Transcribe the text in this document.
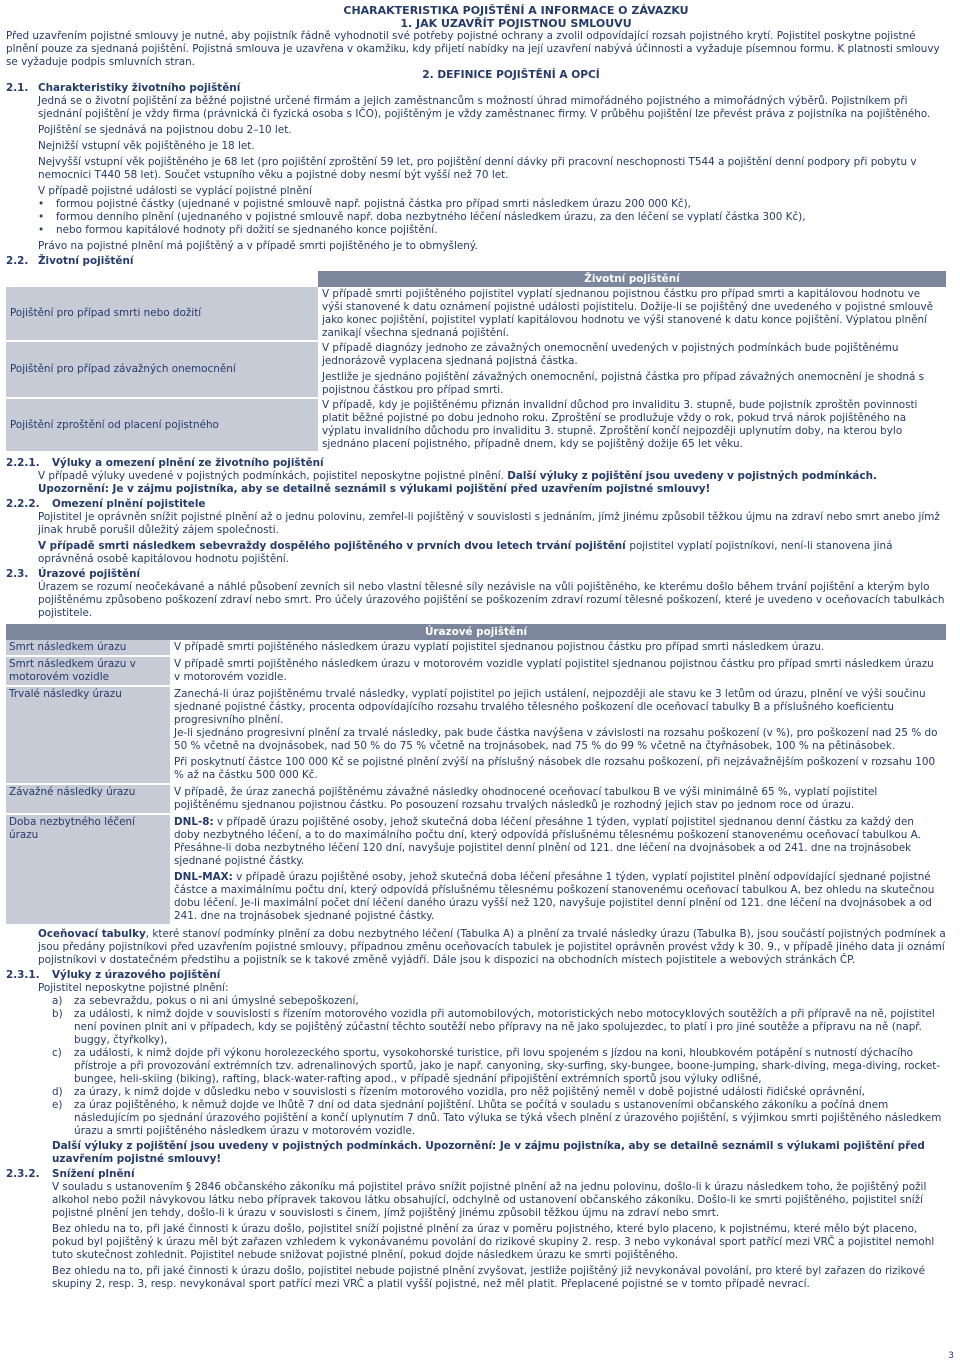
CHARAKTERISTIKA POJIŠTĚNÍ A INFORMACE O ZÁVAZKU
1. JAK UZAVŘÍT POJISTNOU SMLOUVU

Před uzavřením pojistné smlouvy je nutné, aby pojistník řádně vyhodnotil své potřeby pojistné ochrany a zvolil odpovídající rozsah pojistného krytí. Pojistitel poskytne pojistné plnění pouze za sjednaná pojištění. Pojistná smlouva je uzavřena v okamžiku, kdy přijetí nabídky na její uzavření nabývá účinnosti a vyžaduje písemnou formu. K platnosti smlouvy se vyžaduje podpis smluvních stran.

2. DEFINICE POJIŠTĚNÍ A OPCÍ
2.1. Charakteristiky životního pojištění

Jedná se o životní pojištění za běžné pojistné určené firmám a jejich zaměstnancům s možností úhrad mimořádného pojistného a mimořádných výběrů. Pojistníkem při sjednání pojištění je vždy firma (právnická či fyzická osoba s IČO), pojištěným je vždy zaměstnanec firmy. V průběhu pojištění lze převést práva z pojistníka na pojištěného.

Pojištění se sjednává na pojistnou dobu 2–10 let.

Nejnižší vstupní věk pojištěného je 18 let.

Nejvyšší vstupní věk pojištěného je 68 let (pro pojištění zproštění 59 let, pro pojištění denní dávky při pracovní neschopnosti T544 a pojištění denní podpory při pobytu v nemocnici T440 58 let). Součet vstupního věku a pojistné doby nesmí být vyšší než 70 let.

V případě pojistné události se vyplácí pojistné plnění

• formou pojistné částky (ujednané v pojistné smlouvě např. pojistná částka pro případ smrti následkem úrazu 200 000 Kč),
• formou denního plnění (ujednaného v pojistné smlouvě např. doba nezbytného léčení následkem úrazu, za den léčení se vyplatí částka 300 Kč),
• nebo formou kapitálové hodnoty při dožití se sjednaného konce pojištění.

Právo na pojistné plnění má pojištěný a v případě smrti pojištěného je to obmyšlený.

2.2. Životní pojištění
	Životní pojištění

Pojištění pro případ smrti nebo dožití	V případě smrti pojištěného pojistitel vyplatí sjednanou pojistnou částku pro případ smrti a kapitálovou hodnotu ve výši stanovené k datu oznámení pojistné události pojistitelu. Dožije-li se pojištěný dne uvedeného v pojistné smlouvě jako konec pojištění, pojistitel vyplatí kapitálovou hodnotu ve výši stanovené k datu konce pojištění. Výplatou plnění zanikají všechna sjednaná pojištění.

Pojištění pro případ závažných onemocnění	V případě diagnózy jednoho ze závažných onemocnění uvedených v pojistných podmínkách bude pojištěnému jednorázově vyplacena sjednaná pojistná částka.

Jestliže je sjednáno pojištění závažných onemocnění, pojistná částka pro případ závažných onemocnění je shodná s pojistnou částkou pro případ smrti.

Pojištění zproštění od placení pojistného	V případě, kdy je pojištěnému přiznán invalidní důchod pro invaliditu 3. stupně, bude pojistník zproštěn povinnosti platit běžné pojistné po dobu jednoho roku. Zproštění se prodlužuje vždy o rok, pokud trvá nárok pojištěného na výplatu invalidního důchodu pro invaliditu 3. stupně. Zproštění končí nejpozději uplynutím doby, na kterou bylo sjednáno placení pojistného, případně dnem, kdy se pojištěný dožije 65 let věku.

2.2.1.	Výluky a omezení plnění ze životního pojištění

V případě výluky uvedené v pojistných podmínkách, pojistitel neposkytne pojistné plnění. Další výluky z pojištění jsou uvedeny v pojistných podmínkách. Upozornění: Je v zájmu pojistníka, aby se detailně seznámil s výlukami pojištění před uzavřením pojistné smlouvy!

2.2.2.	Omezení plnění pojistitele

Pojistitel je oprávněn snížit pojistné plnění až o jednu polovinu, zemřel-li pojištěný v souvislosti s jednáním, jímž jinému způsobil těžkou újmu na zdraví nebo smrt anebo jímž jinak hrubě porušil důležitý zájem společnosti.

V případě smrti následkem sebevraždy dospělého pojištěného v prvních dvou letech trvání pojištění pojistitel vyplatí pojistníkovi, není-li stanovena jiná oprávněná osobě kapitálovou hodnotu pojištění.

2.3. Úrazové pojištění

Úrazem se rozumí neočekávané a náhlé působení zevních sil nebo vlastní tělesné síly nezávisle na vůli pojištěného, ke kterému došlo během trvání pojištění a kterým bylo pojištěnému způsobeno poškození zdraví nebo smrt. Pro účely úrazového pojištění se poškozením zdraví rozumí tělesné poškození, které je uvedeno v oceňovacích tabulkách pojistitele.

Úrazové pojištění	
Smrt následkem úrazu	V případě smrti pojištěného následkem úrazu vyplatí pojistitel sjednanou pojistnou částku pro případ smrti následkem úrazu.
Smrt následkem úrazu v motorovém vozidle	V případě smrti pojištěného následkem úrazu v motorovém vozidle vyplatí pojistitel sjednanou pojistnou částku pro případ smrti následkem úrazu v motorovém vozidle.
Trvalé následky úrazu	Zanechá-li úraz pojištěnému trvalé následky, vyplatí pojistitel po jejich ustálení, nejpozději ale stavu ke 3 letům od úrazu, plnění ve výši součinu sjednané pojistné částky, procenta odpovídajícího rozsahu trvalého tělesného poškození dle oceňovací tabulky B a příslušného koeficientu progresivního plnění.

Je-li sjednáno progresivní plnění za trvalé následky, pak bude částka navýšena v závislosti na rozsahu poškození (v %), pro poškození nad 25 % do 50 % včetně na dvojnásobek, nad 50 % do 75 % včetně na trojnásobek, nad 75 % do 99 % včetně na čtyřnásobek, 100 % na pětinásobek.

Při poskytnutí částce 100 000 Kč se pojistné plnění zvýší na příslušný násobek dle rozsahu poškození, při nejzávažnějším poškození v rozsahu 100 % až na částku 500 000 Kč.

Závažné následky úrazu	V případě, že úraz zanechá pojištěnému závažné následky ohodnocené oceňovací tabulkou B ve výši minimálně 65 %, vyplatí pojistitel pojištěnému sjednanou pojistnou částku. Po posouzení rozsahu trvalých následků je rozhodný jejich stav po jednom roce od úrazu.
Doba nezbytného léčení úrazu	DNL-8: v případě úrazu pojištěné osoby, jehož skutečná doba léčení přesáhne 1 týden, vyplatí pojistitel sjednanou denní částku za každý den doby nezbytného léčení, a to do maximálního počtu dní, který odpovídá příslušnému tělesnému poškození stanovenému oceňovací tabulkou A. Přesáhne-li doba nezbytného léčení 120 dní, navyšuje pojistitel denní plnění od 121. dne léčení na dvojnásobek a od 241. dne na trojnásobek sjednané pojistné částky.

DNL-MAX: v případě úrazu pojištěné osoby, jehož skutečná doba léčení přesáhne 1 týden, vyplatí pojistitel plnění odpovídající sjednané pojistné částce a maximálnímu počtu dní, který odpovídá příslušnému tělesnému poškození stanovenému oceňovací tabulkou A, bez ohledu na skutečnou dobu léčení. Je-li maximální počet dní léčení daného úrazu vyšší než 120, navyšuje pojistitel denní plnění od 121. dne léčení na dvojnásobek a od 241. dne na trojnásobek sjednané pojistné částky.

Oceňovací tabulky, které stanoví podmínky plnění za dobu nezbytného léčení (Tabulka A) a plnění za trvalé následky úrazu (Tabulka B), jsou součástí pojistných podmínek a jsou předány pojistníkovi před uzavřením pojistné smlouvy, případnou změnu oceňovacích tabulek je pojistitel oprávněn provést vždy k 30. 9., v případě jiného data ji oznámí pojistníkovi v dostatečném předstihu a pojistník se k takové změně vyjádří. Dále jsou k dispozici na obchodních místech pojistitele a webových stránkách ČP.

2.3.1.	Výluky z úrazového pojištění

Pojistitel neposkytne pojistné plnění:

a) za sebevraždu, pokus o ni ani úmyslné sebepoškození,
b) za události, k nimž dojde v souvislosti s řízením motorového vozidla při automobilových, motoristických nebo motocyklových soutěžích a při přípravě na ně, pojistitel není povinen plnit ani v případech, kdy se pojištěný zúčastní těchto soutěží nebo přípravy na ně jako spolujezdec, to platí i pro jiné soutěže a přípravu na ně (např. buggy, čtyřkolky),
c) za události, k nimž dojde při výkonu horolezeckého sportu, vysokohorské turistice, při lovu spojeném s jízdou na koni, hloubkovém potápění s nutností dýchacího přístroje a při provozování extrémních tzv. adrenalinových sportů, jako je např. canyoning, sky-surfing, sky-bungee, boone-jumping, shark-diving, mega-diving, rocket-bungee, heli-skiing (biking), rafting, black-water-rafting apod., v případě sjednání připojištění extrémních sportů jsou výluky odlišné,
d) za úrazy, k nimž dojde v důsledku nebo v souvislosti s řízením motorového vozidla, pro něž pojištěný neměl v době pojistné události řidičské oprávnění,
e) za úraz pojištěného, k němuž dojde ve lhůtě 7 dní od data sjednání pojištění. Lhůta se počítá v souladu s ustanoveními občanského zákoníku a počíná dnem následujícím po sjednání úrazového pojištění a končí uplynutím 7 dnů. Tato výluka se týká všech plnění z úrazového pojištění, s výjimkou smrti pojištěného následkem úrazu a smrti pojištěného následkem úrazu v motorovém vozidle.

Další výluky z pojištění jsou uvedeny v pojistných podmínkách. Upozornění: Je v zájmu pojistníka, aby se detailně seznámil s výlukami pojištění před uzavřením pojistné smlouvy!

2.3.2.	Snížení plnění

V souladu s ustanovením § 2846 občanského zákoníku má pojistitel právo snížit pojistné plnění až na jednu polovinu, došlo-li k úrazu následkem toho, že pojištěný požil alkohol nebo požil návykovou látku nebo přípravek takovou látku obsahující, odchylně od ustanovení občanského zákoníku. Došlo-li ke smrti pojištěného, pojistitel sníží pojistné plnění jen tehdy, došlo-li k úrazu v souvislosti s činem, jímž pojištěný jinému způsobil těžkou újmu na zdraví nebo smrt.

Bez ohledu na to, při jaké činnosti k úrazu došlo, pojistitel sníží pojistné plnění za úraz v poměru pojistného, které bylo placeno, k pojistnému, které mělo být placeno, pokud byl pojištěný k úrazu měl být zařazen vzhledem k vykonávanému povolání do rizikové skupiny 2. resp. 3 nebo vykonával sport patřící mezi VRČ a pojistitel nemohl tuto skutečnost zohlednit. Pojistitel nebude snižovat pojistné plnění, pokud dojde následkem úrazu ke smrti pojištěného.

Bez ohledu na to, při jaké činnosti k úrazu došlo, pojistitel nebude pojistné plnění zvyšovat, jestliže pojištěný již nevykonával povolání, pro které byl zařazen do rizikové skupiny 2, resp. 3, resp. nevykonával sport patřící mezi VRČ a platil vyšší pojistné, než měl platit. Přeplacené pojistné se v tomto případě nevrací.

3
